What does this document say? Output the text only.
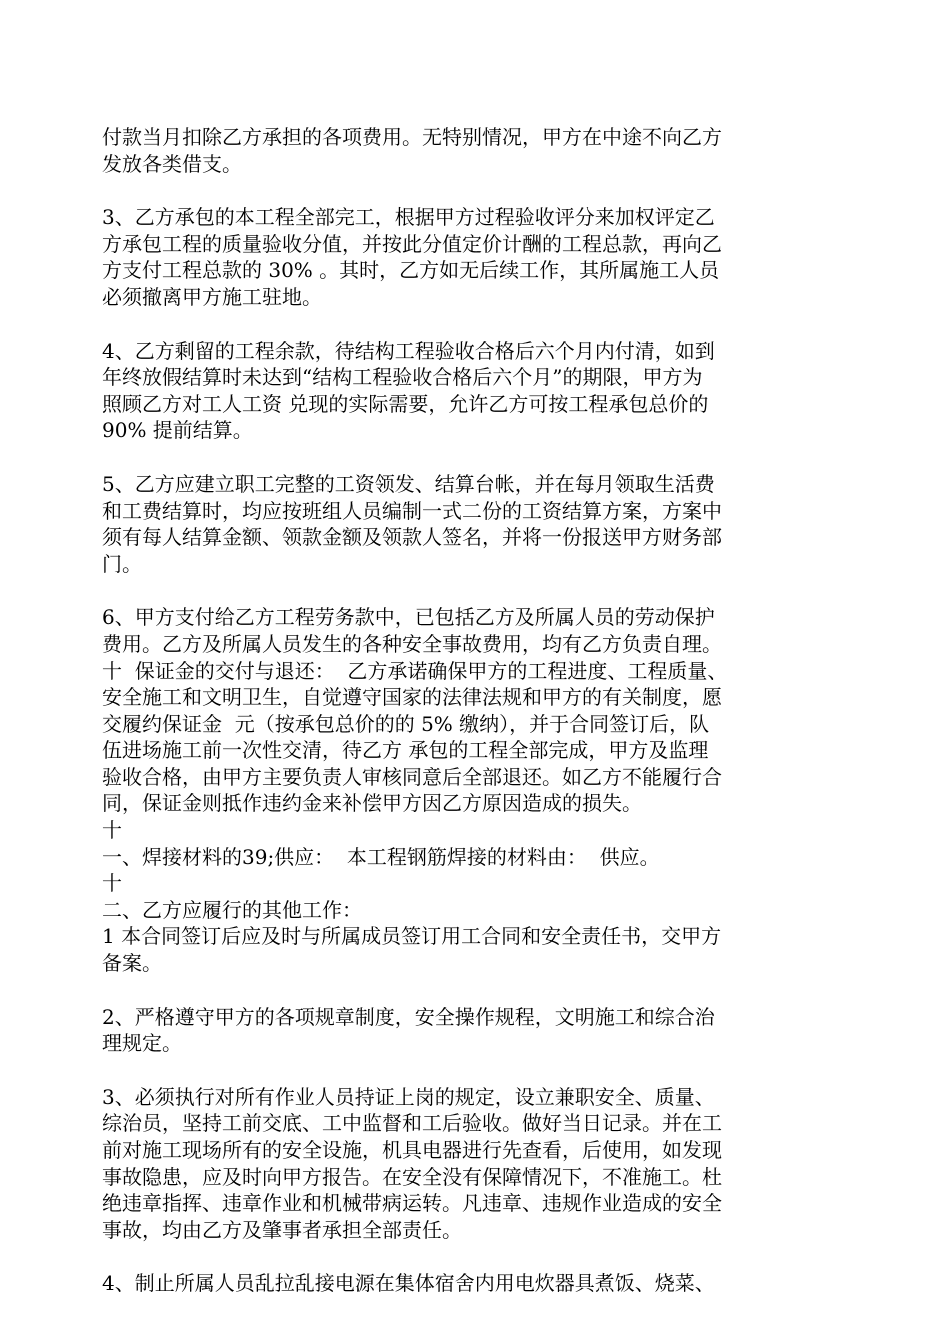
付款当月扣除乙方承担的各项费用。无特别情况，甲方在中途不向乙方
发放各类借支。
3、乙方承包的本工程全部完工，根据甲方过程验收评分来加权评定乙
方承包工程的质量验收分值，并按此分值定价计酬的工程总款，再向乙
方支付工程总款的 30% 。其时，乙方如无后续工作，其所属施工人员
必须撤离甲方施工驻地。
4、乙方剩留的工程余款，待结构工程验收合格后六个月内付清，如到
年终放假结算时未达到“结构工程验收合格后六个月”的期限，甲方为
照顾乙方对工人工资 兑现的实际需要，允许乙方可按工程承包总价的
90% 提前结算。
5、乙方应建立职工完整的工资领发、结算台帐，并在每月领取生活费
和工费结算时，均应按班组人员编制一式二份的工资结算方案，方案中
须有每人结算金额、领款金额及领款人签名，并将一份报送甲方财务部
门。
6、甲方支付给乙方工程劳务款中，已包括乙方及所属人员的劳动保护
费用。乙方及所属人员发生的各种安全事故费用，均有乙方负责自理。
十  保证金的交付与退还：  乙方承诺确保甲方的工程进度、工程质量、
安全施工和文明卫生，自觉遵守国家的法律法规和甲方的有关制度，愿
交履约保证金  元（按承包总价的的 5% 缴纳），并于合同签订后，队
伍进场施工前一次性交清，待乙方 承包的工程全部完成，甲方及监理
验收合格，由甲方主要负责人审核同意后全部退还。如乙方不能履行合
同，保证金则抵作违约金来补偿甲方因乙方原因造成的损失。
十
一、焊接材料的39;供应：  本工程钢筋焊接的材料由：  供应。
十
二、乙方应履行的其他工作：
1 本合同签订后应及时与所属成员签订用工合同和安全责任书，交甲方
备案。
2、严格遵守甲方的各项规章制度，安全操作规程，文明施工和综合治
理规定。
3、必须执行对所有作业人员持证上岗的规定，设立兼职安全、质量、
综治员，坚持工前交底、工中监督和工后验收。做好当日记录。并在工
前对施工现场所有的安全设施，机具电器进行先查看，后使用，如发现
事故隐患，应及时向甲方报告。在安全没有保障情况下，不准施工。杜
绝违章指挥、违章作业和机械带病运转。凡违章、违规作业造成的安全
事故，均由乙方及肇事者承担全部责任。
4、制止所属人员乱拉乱接电源在集体宿舍内用电炊器具煮饭、烧菜、
